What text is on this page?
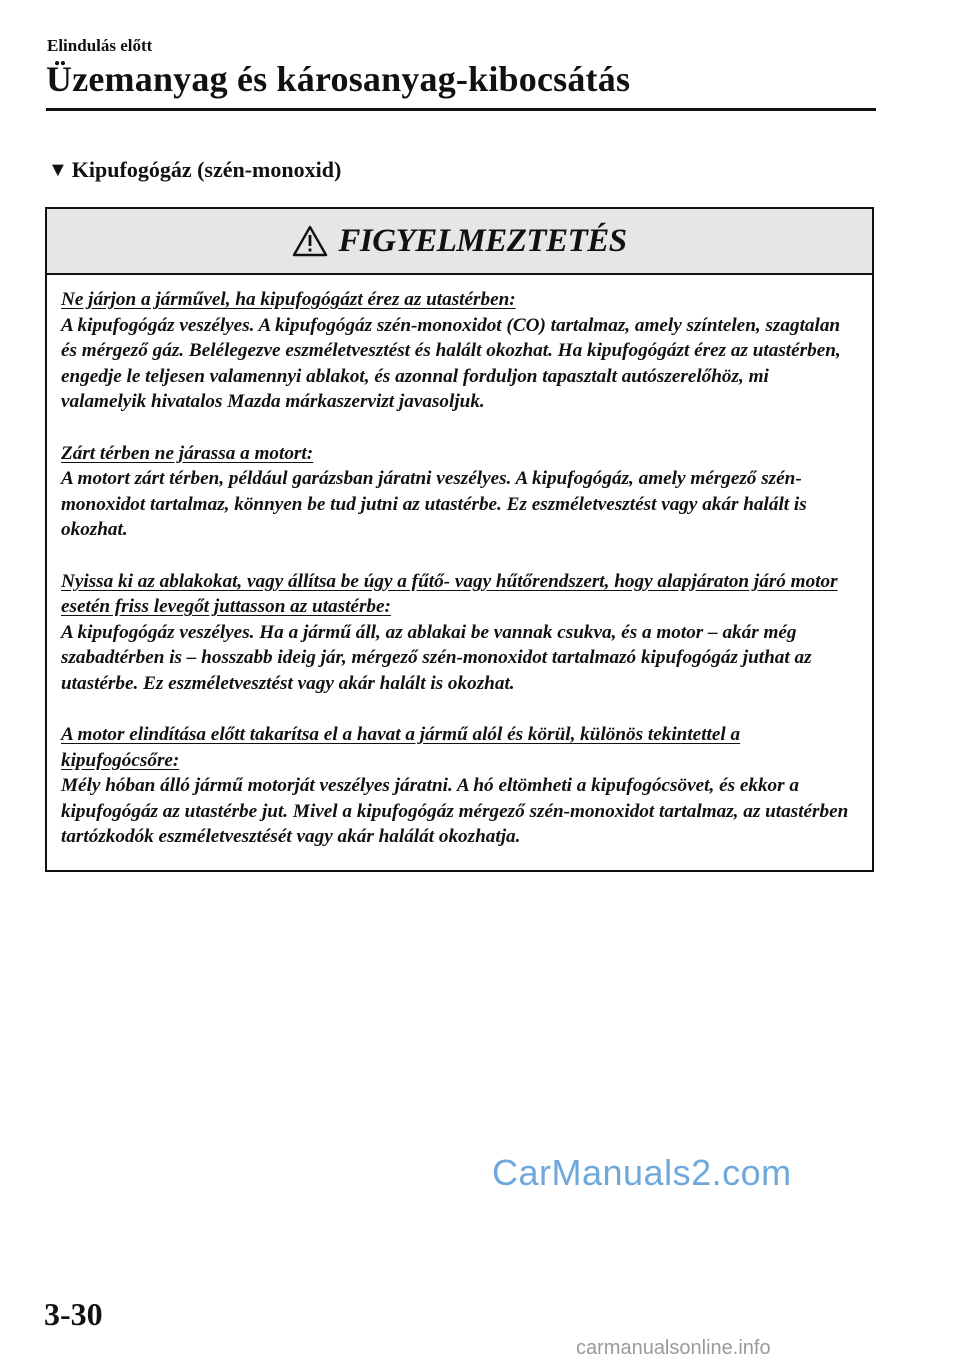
Elindulás előtt
Üzemanyag és károsanyag-kibocsátás
▼ Kipufogógáz (szén-monoxid)
FIGYELMEZTETÉS
Ne járjon a járművel, ha kipufogógázt érez az utastérben:
A kipufogógáz veszélyes. A kipufogógáz szén-monoxidot (CO) tartalmaz, amely színtelen, szagtalan és mérgező gáz. Belélegezve eszméletvesztést és halált okozhat. Ha kipufogógázt érez az utastérben, engedje le teljesen valamennyi ablakot, és azonnal forduljon tapasztalt autószerelőhöz, mi valamelyik hivatalos Mazda márkaszervizt javasoljuk.
Zárt térben ne járassa a motort:
A motort zárt térben, például garázsban járatni veszélyes. A kipufogógáz, amely mérgező szén-monoxidot tartalmaz, könnyen be tud jutni az utastérbe. Ez eszméletvesztést vagy akár halált is okozhat.
Nyissa ki az ablakokat, vagy állítsa be úgy a fűtő- vagy hűtőrendszert, hogy alapjáraton járó motor esetén friss levegőt juttasson az utastérbe:
A kipufogógáz veszélyes. Ha a jármű áll, az ablakai be vannak csukva, és a motor – akár még szabadtérben is – hosszabb ideig jár, mérgező szén-monoxidot tartalmazó kipufogógáz juthat az utastérbe. Ez eszméletvesztést vagy akár halált is okozhat.
A motor elindítása előtt takarítsa el a havat a jármű alól és körül, különös tekintettel a kipufogócsőre:
Mély hóban álló jármű motorját veszélyes járatni. A hó eltömheti a kipufogócsövet, és ekkor a kipufogógáz az utastérbe jut. Mivel a kipufogógáz mérgező szén-monoxidot tartalmaz, az utastérben tartózkodók eszméletvesztését vagy akár halálát okozhatja.
CarManuals2.com
3-30
carmanualsonline.info
